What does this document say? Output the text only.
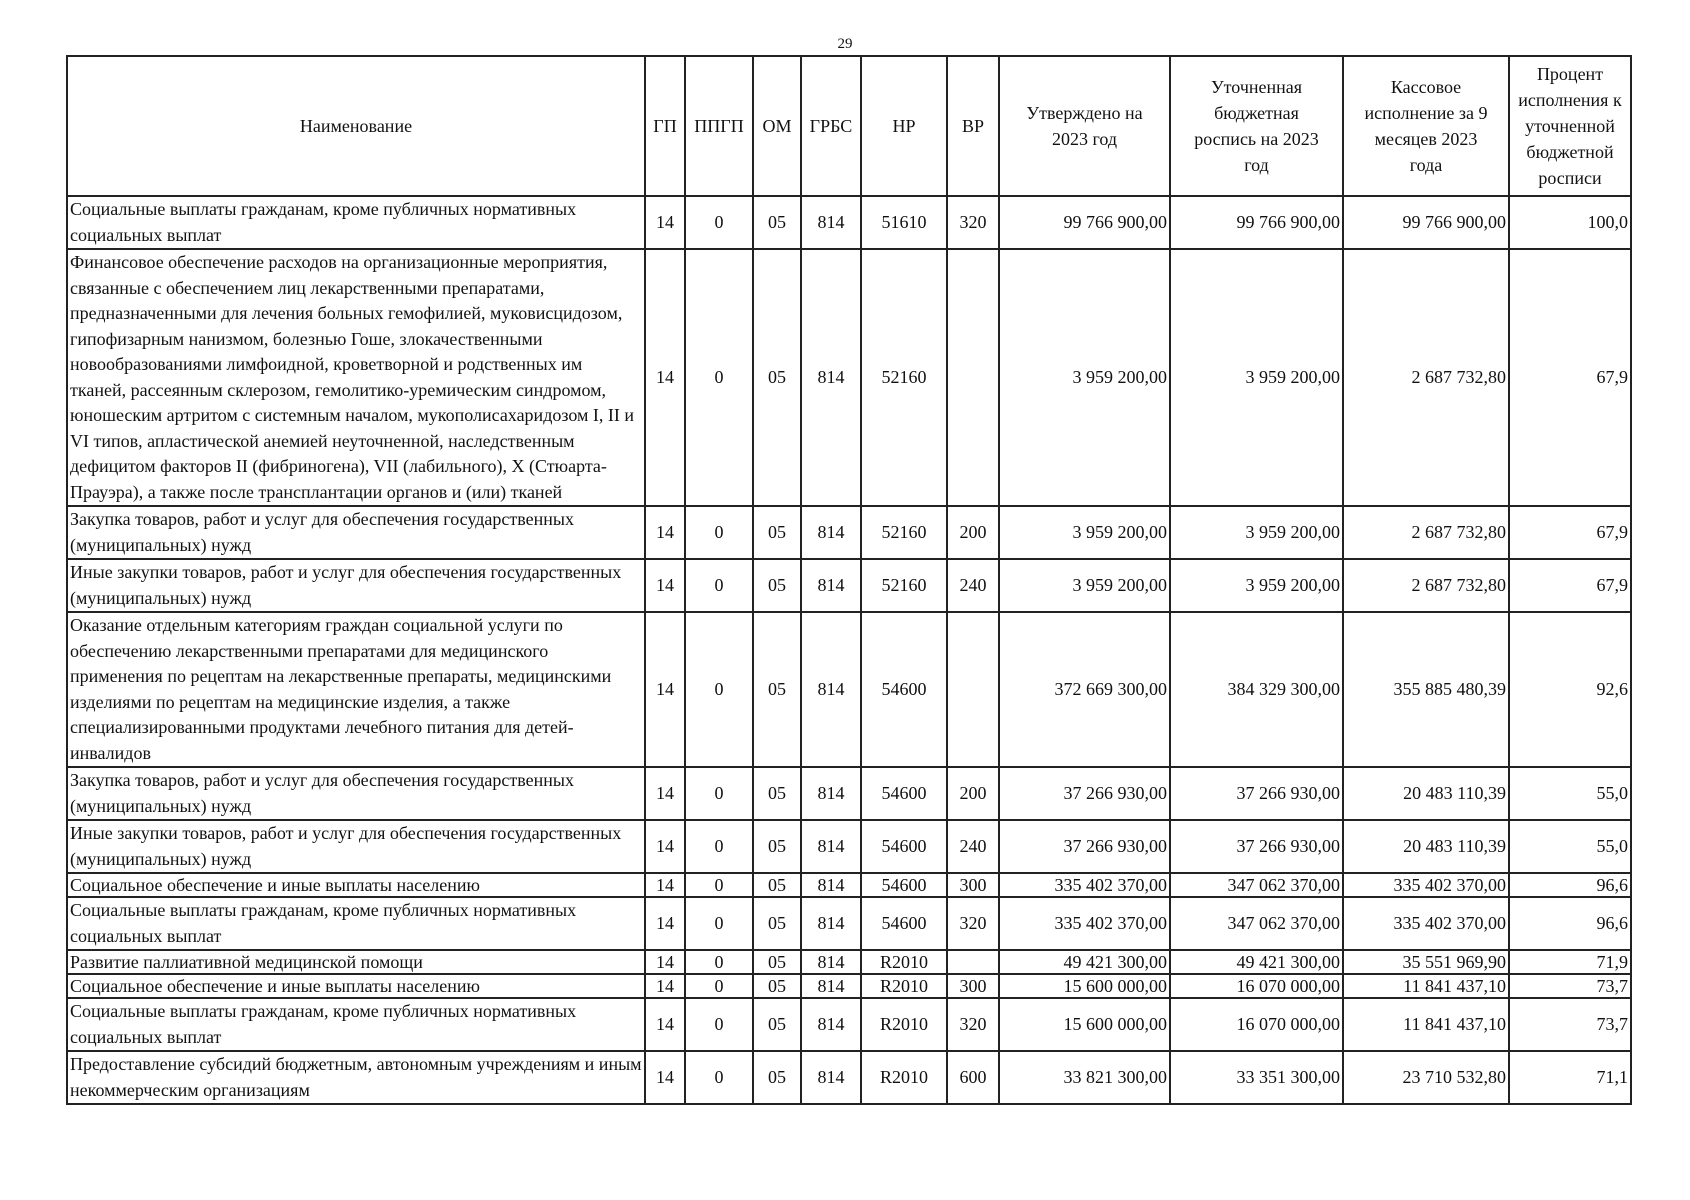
29
Наименование	ГП	ППГП	ОМ	ГРБС	НР	ВР	Утверждено на 2023 год	Уточненная бюджетная роспись на 2023 год	Кассовое исполнение за 9 месяцев 2023 года	Процент исполнения к уточненной бюджетной росписи
Социальные выплаты гражданам, кроме публичных нормативных социальных выплат	14	0	05	814	51610	320	99 766 900,00	99 766 900,00	99 766 900,00	100,0
Финансовое обеспечение расходов на организационные мероприятия, связанные с обеспечением лиц лекарственными препаратами, предназначенными для лечения больных гемофилией, муковисцидозом, гипофизарным нанизмом, болезнью Гоше, злокачественными новообразованиями лимфоидной, кроветворной и родственных им тканей, рассеянным склерозом, гемолитико-уремическим синдромом, юношеским артритом с системным началом, мукополисахаридозом I, II и VI типов, апластической анемией неуточненной, наследственным дефицитом факторов II (фибриногена), VII (лабильного), X (Стюарта-Прауэра), а также после трансплантации органов и (или) тканей	14	0	05	814	52160		3 959 200,00	3 959 200,00	2 687 732,80	67,9
Закупка товаров, работ и услуг для обеспечения государственных (муниципальных) нужд	14	0	05	814	52160	200	3 959 200,00	3 959 200,00	2 687 732,80	67,9
Иные закупки товаров, работ и услуг для обеспечения государственных (муниципальных) нужд	14	0	05	814	52160	240	3 959 200,00	3 959 200,00	2 687 732,80	67,9
Оказание отдельным категориям граждан социальной услуги по обеспечению лекарственными препаратами для медицинского применения по рецептам на лекарственные препараты, медицинскими изделиями по рецептам на медицинские изделия, а также специализированными продуктами лечебного питания для детей-инвалидов	14	0	05	814	54600		372 669 300,00	384 329 300,00	355 885 480,39	92,6
Закупка товаров, работ и услуг для обеспечения государственных (муниципальных) нужд	14	0	05	814	54600	200	37 266 930,00	37 266 930,00	20 483 110,39	55,0
Иные закупки товаров, работ и услуг для обеспечения государственных (муниципальных) нужд	14	0	05	814	54600	240	37 266 930,00	37 266 930,00	20 483 110,39	55,0
Социальное обеспечение и иные выплаты населению	14	0	05	814	54600	300	335 402 370,00	347 062 370,00	335 402 370,00	96,6
Социальные выплаты гражданам, кроме публичных нормативных социальных выплат	14	0	05	814	54600	320	335 402 370,00	347 062 370,00	335 402 370,00	96,6
Развитие паллиативной медицинской помощи	14	0	05	814	R2010		49 421 300,00	49 421 300,00	35 551 969,90	71,9
Социальное обеспечение и иные выплаты населению	14	0	05	814	R2010	300	15 600 000,00	16 070 000,00	11 841 437,10	73,7
Социальные выплаты гражданам, кроме публичных нормативных социальных выплат	14	0	05	814	R2010	320	15 600 000,00	16 070 000,00	11 841 437,10	73,7
Предоставление субсидий бюджетным, автономным учреждениям и иным некоммерческим организациям	14	0	05	814	R2010	600	33 821 300,00	33 351 300,00	23 710 532,80	71,1
